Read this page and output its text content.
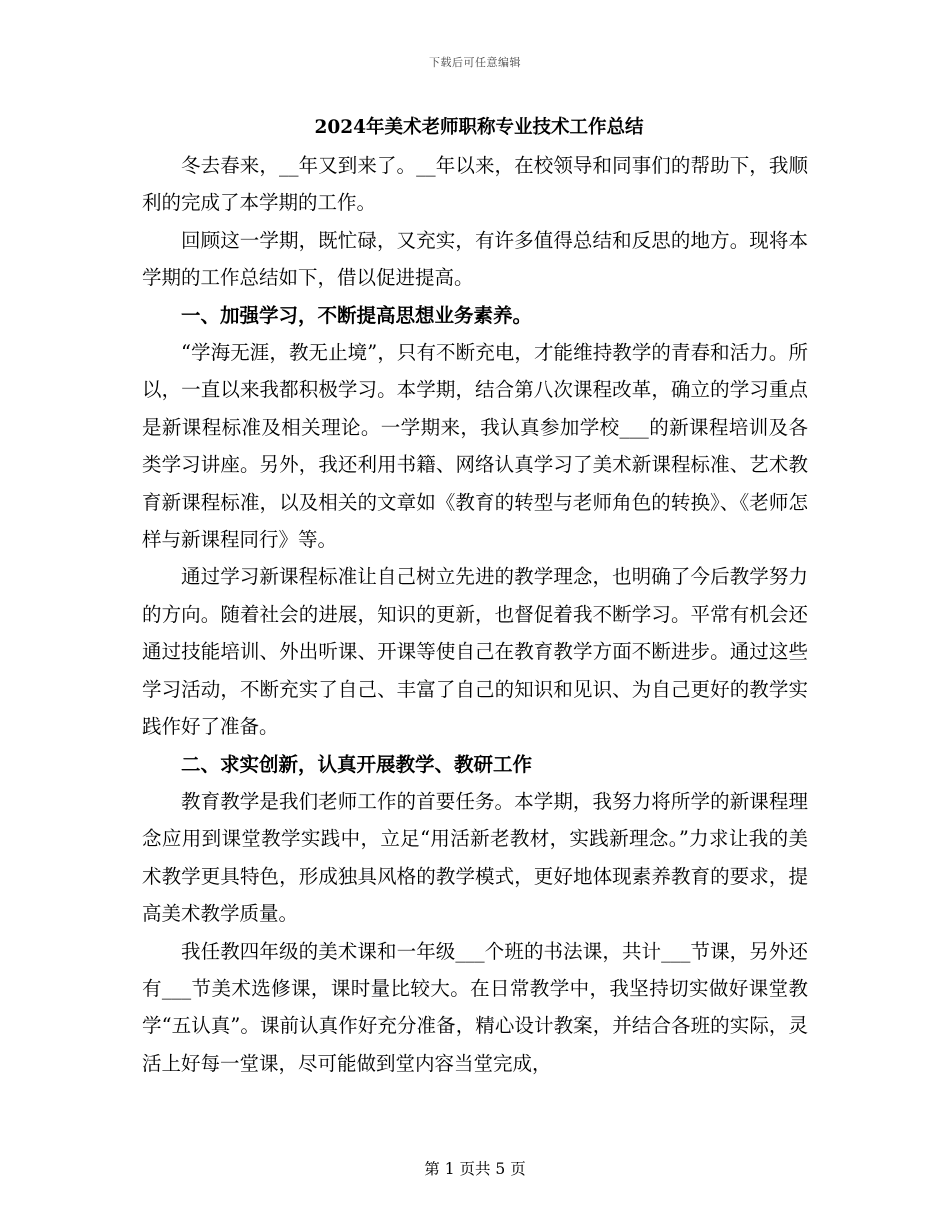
下载后可任意编辑
2024年美术老师职称专业技术工作总结

冬去春来，__年又到来了。__年以来，在校领导和同事们的帮助下，我顺利的完成了本学期的工作。

回顾这一学期，既忙碌，又充实，有许多值得总结和反思的地方。现将本学期的工作总结如下，借以促进提高。

一、加强学习，不断提高思想业务素养。

“学海无涯，教无止境”，只有不断充电，才能维持教学的青春和活力。所以，一直以来我都积极学习。本学期，结合第八次课程改革，确立的学习重点是新课程标准及相关理论。一学期来，我认真参加学校___的新课程培训及各类学习讲座。另外，我还利用书籍、网络认真学习了美术新课程标准、艺术教育新课程标准，以及相关的文章如《教育的转型与老师角色的转换》、《老师怎样与新课程同行》等。

通过学习新课程标准让自己树立先进的教学理念，也明确了今后教学努力的方向。随着社会的进展，知识的更新，也督促着我不断学习。平常有机会还通过技能培训、外出听课、开课等使自己在教育教学方面不断进步。通过这些学习活动，不断充实了自己、丰富了自己的知识和见识、为自己更好的教学实践作好了准备。

二、求实创新，认真开展教学、教研工作

教育教学是我们老师工作的首要任务。本学期，我努力将所学的新课程理念应用到课堂教学实践中，立足“用活新老教材，实践新理念。”力求让我的美术教学更具特色，形成独具风格的教学模式，更好地体现素养教育的要求，提高美术教学质量。

我任教四年级的美术课和一年级___个班的书法课，共计___节课，另外还有___节美术选修课，课时量比较大。在日常教学中，我坚持切实做好课堂教学“五认真”。课前认真作好充分准备，精心设计教案，并结合各班的实际，灵活上好每一堂课，尽可能做到堂内容当堂完成，

第 1 页共 5 页
